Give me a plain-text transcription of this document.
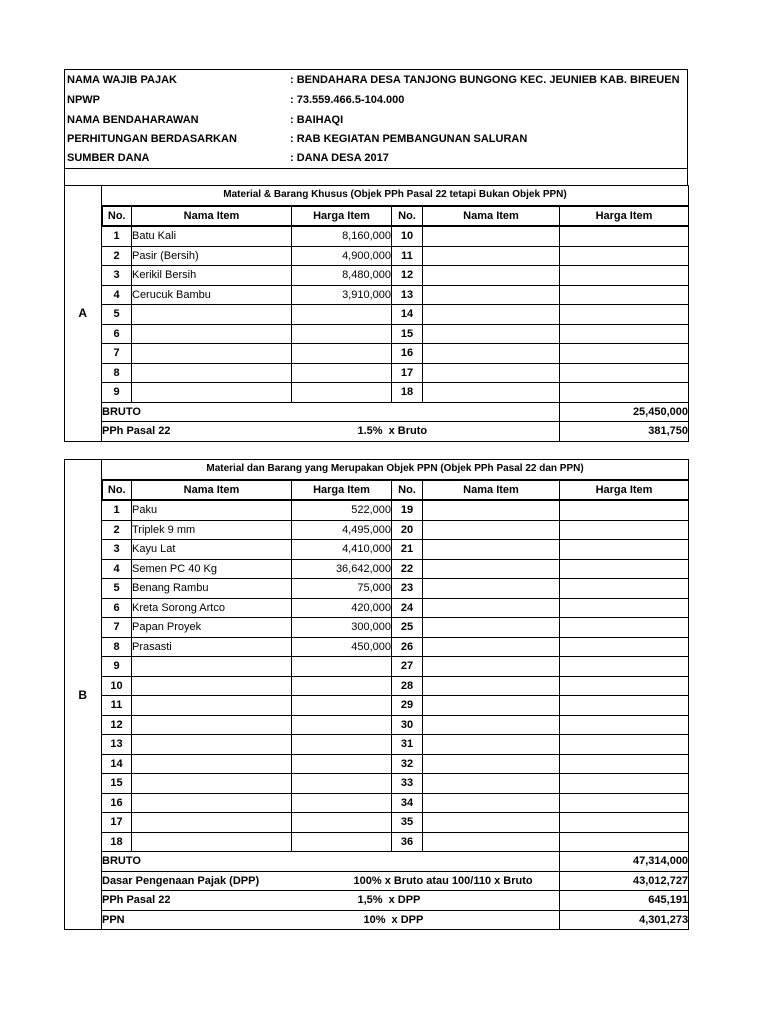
NAMA WAJIB PAJAK	: BENDAHARA DESA TANJONG BUNGONG KEC. JEUNIEB KAB. BIREUEN
NPWP	: 73.559.466.5-104.000
NAMA BENDAHARAWAN	: BAIHAQI
PERHITUNGAN BERDASARKAN	: RAB KEGIATAN PEMBANGUNAN SALURAN
SUMBER DANA	: DANA DESA 2017
A	Material & Barang Khusus (Objek PPh Pasal 22 tetapi Bukan Objek PPN)					
	No.	Nama Item	Harga Item	No.	Nama Item	Harga Item
	1	Batu Kali	8,160,000	10		
	2	Pasir (Bersih)	4,900,000	11		
	3	Kerikil Bersih	8,480,000	12		
	4	Cerucuk Bambu	3,910,000	13		
	5			14		
	6			15		
	7			16		
	8			17		
	9			18		
	BRUTO					25,450,000
	PPh Pasal 22		1.5% x Bruto			381,750
B	Material dan Barang yang Merupakan Objek PPN (Objek PPh Pasal 22 dan PPN)					
	No.	Nama Item	Harga Item	No.	Nama Item	Harga Item
	1	Paku	522,000	19		
	2	Triplek 9 mm	4,495,000	20		
	3	Kayu Lat	4,410,000	21		
	4	Semen PC 40 Kg	36,642,000	22		
	5	Benang Rambu	75,000	23		
	6	Kreta Sorong Artco	420,000	24		
	7	Papan Proyek	300,000	25		
	8	Prasasti	450,000	26		
	9			27		
	10			28		
	11			29		
	12			30		
	13			31		
	14			32		
	15			33		
	16			34		
	17			35		
	18			36		
	BRUTO					47,314,000
	Dasar Pengenaan Pajak (DPP)			100% x Bruto atau 100/110 x Bruto		43,012,727
	PPh Pasal 22		1,5% x DPP			645,191
	PPN		10% x DPP			4,301,273
